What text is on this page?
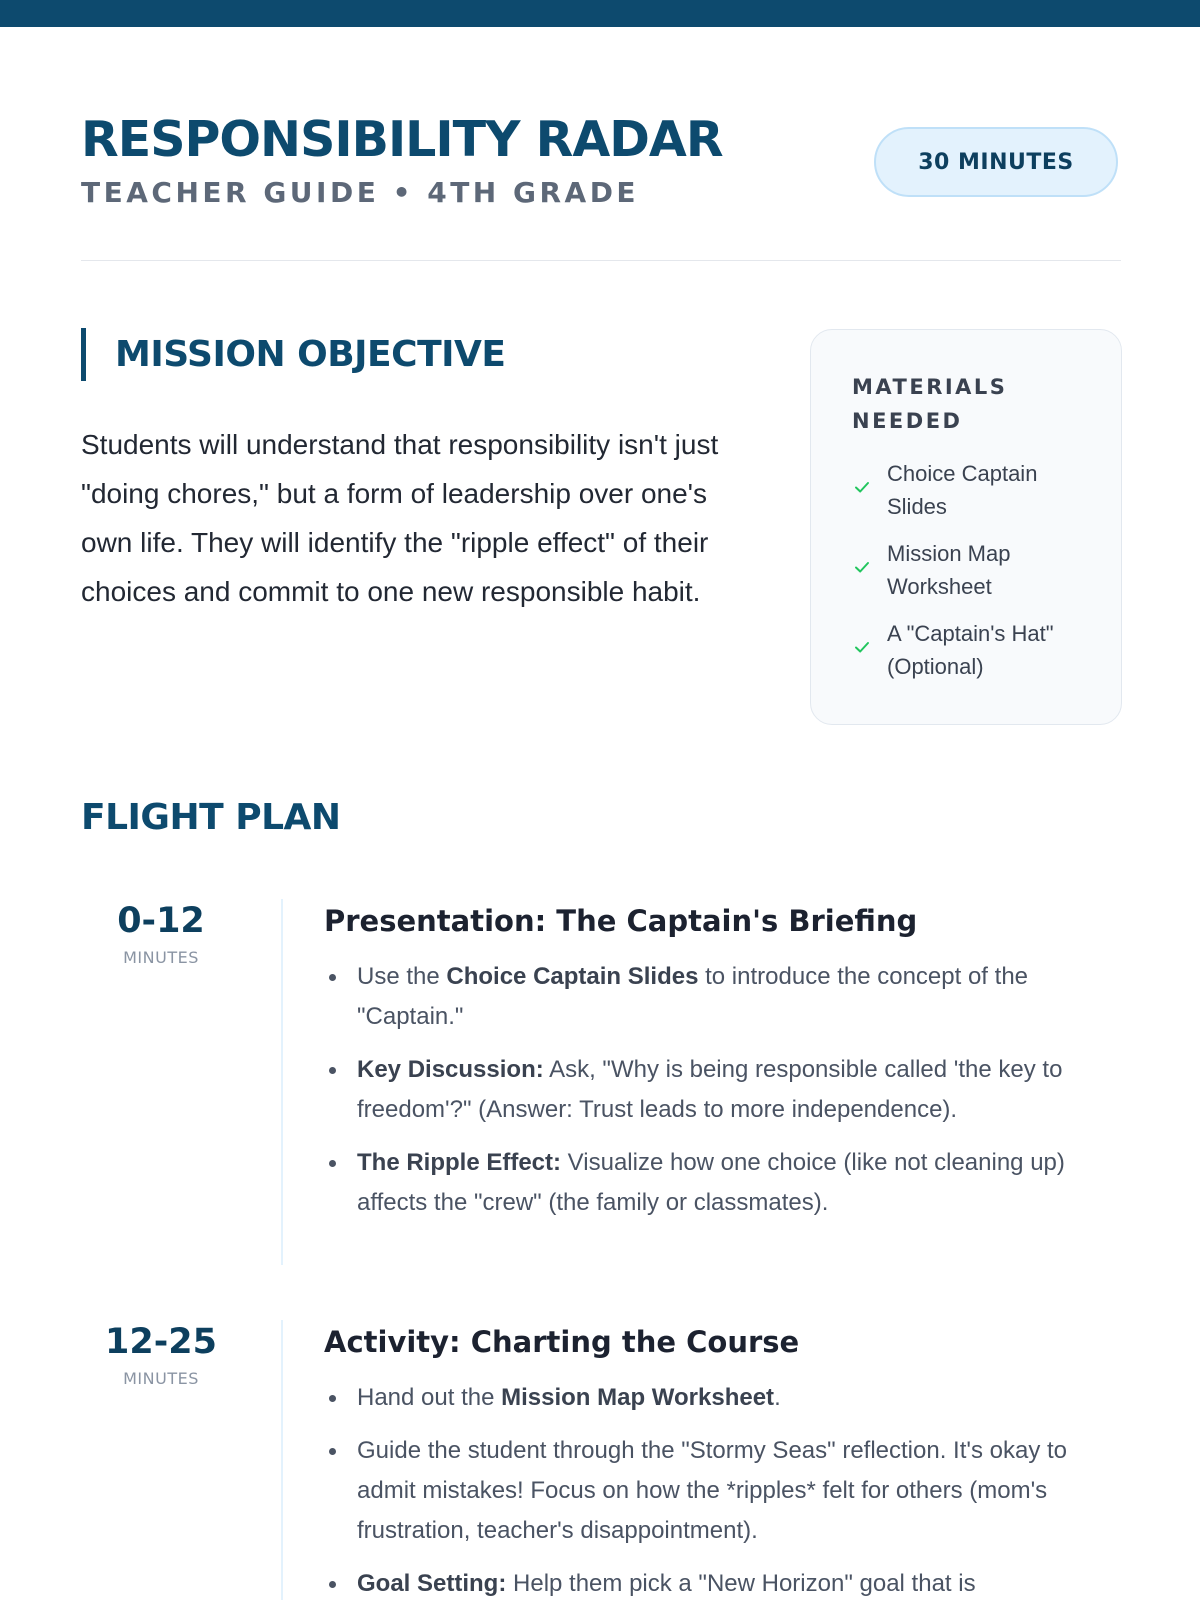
RESPONSIBILITY RADAR
TEACHER GUIDE • 4TH GRADE
30 MINUTES
MISSION OBJECTIVE

Students will understand that responsibility isn't just "doing chores," but a form of leadership over one's own life. They will identify the "ripple effect" of their choices and commit to one new responsible habit.

MATERIALS NEEDED
Choice Captain Slides
Mission Map Worksheet
A "Captain's Hat" (Optional)
FLIGHT PLAN
0-12
MINUTES
Presentation: The Captain's Briefing
Use the Choice Captain Slides to introduce the concept of the "Captain."
Key Discussion: Ask, "Why is being responsible called 'the key to freedom'?" (Answer: Trust leads to more independence).
The Ripple Effect: Visualize how one choice (like not cleaning up) affects the "crew" (the family or classmates).
12-25
MINUTES
Activity: Charting the Course
Hand out the Mission Map Worksheet.
Guide the student through the "Stormy Seas" reflection. It's okay to admit mistakes! Focus on how the *ripples* felt for others (mom's frustration, teacher's disappointment).
Goal Setting: Help them pick a "New Horizon" goal that is
